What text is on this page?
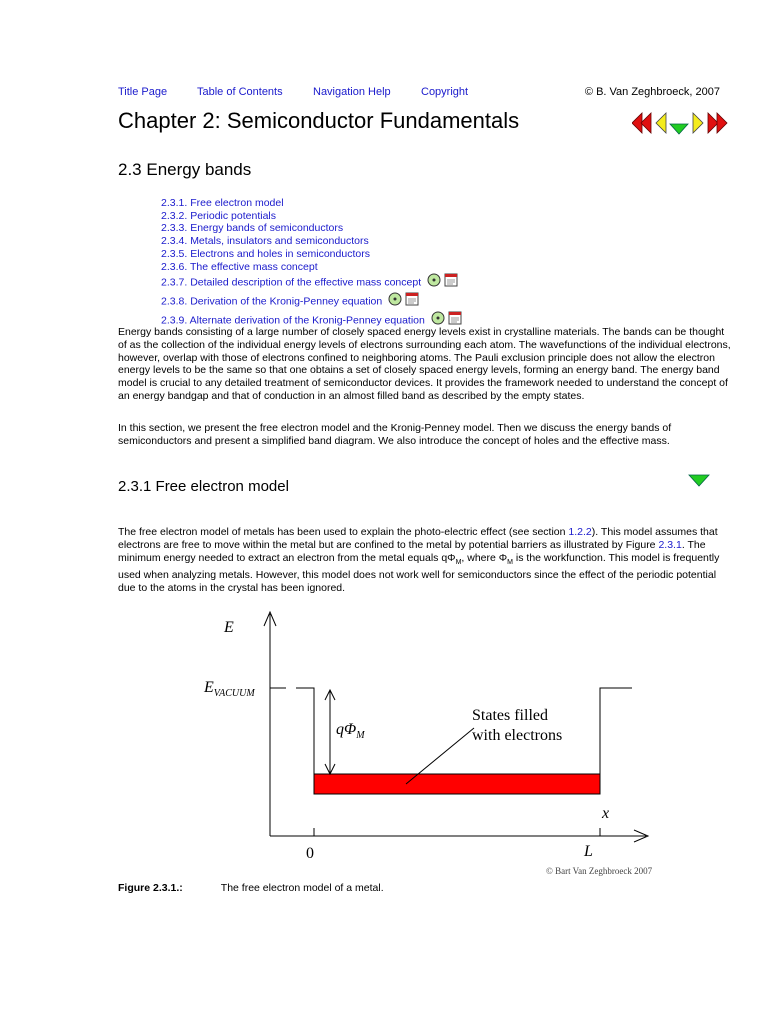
Title Page	Table of Contents	Navigation Help	Copyright	© B. Van Zeghbroeck, 2007
Chapter 2: Semiconductor Fundamentals
2.3 Energy bands
2.3.1. Free electron model
2.3.2. Periodic potentials
2.3.3. Energy bands of semiconductors
2.3.4. Metals, insulators and semiconductors
2.3.5. Electrons and holes in semiconductors
2.3.6. The effective mass concept
2.3.7. Detailed description of the effective mass concept
2.3.8. Derivation of the Kronig-Penney equation
2.3.9. Alternate derivation of the Kronig-Penney equation

Energy bands consisting of a large number of closely spaced energy levels exist in crystalline materials. The bands can be thought of as the collection of the individual energy levels of electrons surrounding each atom. The wavefunctions of the individual electrons, however, overlap with those of electrons confined to neighboring atoms. The Pauli exclusion principle does not allow the electron energy levels to be the same so that one obtains a set of closely spaced energy levels, forming an energy band. The energy band model is crucial to any detailed treatment of semiconductor devices. It provides the framework needed to understand the concept of an energy bandgap and that of conduction in an almost filled band as described by the empty states.

In this section, we present the free electron model and the Kronig-Penney model. Then we discuss the energy bands of semiconductors and present a simplified band diagram. We also introduce the concept of holes and the effective mass.

2.3.1 Free electron model

The free electron model of metals has been used to explain the photo-electric effect (see section 1.2.2). This model assumes that electrons are free to move within the metal but are confined to the metal by potential barriers as illustrated by Figure 2.3.1. The minimum energy needed to extract an electron from the metal equals $q\Phi_M$, where $\Phi_M$ is the workfunction. This model is frequently used when analyzing metals. However, this model does not work well for semiconductors since the effect of the periodic potential due to the atoms in the crystal has been ignored.

E
$E_{VACUUM}$
$q\Phi_M$
States filled
with electrons
x
0	L
© Bart Van Zeghbroeck 2007
Figure 2.3.1.:	The free electron model of a metal.
